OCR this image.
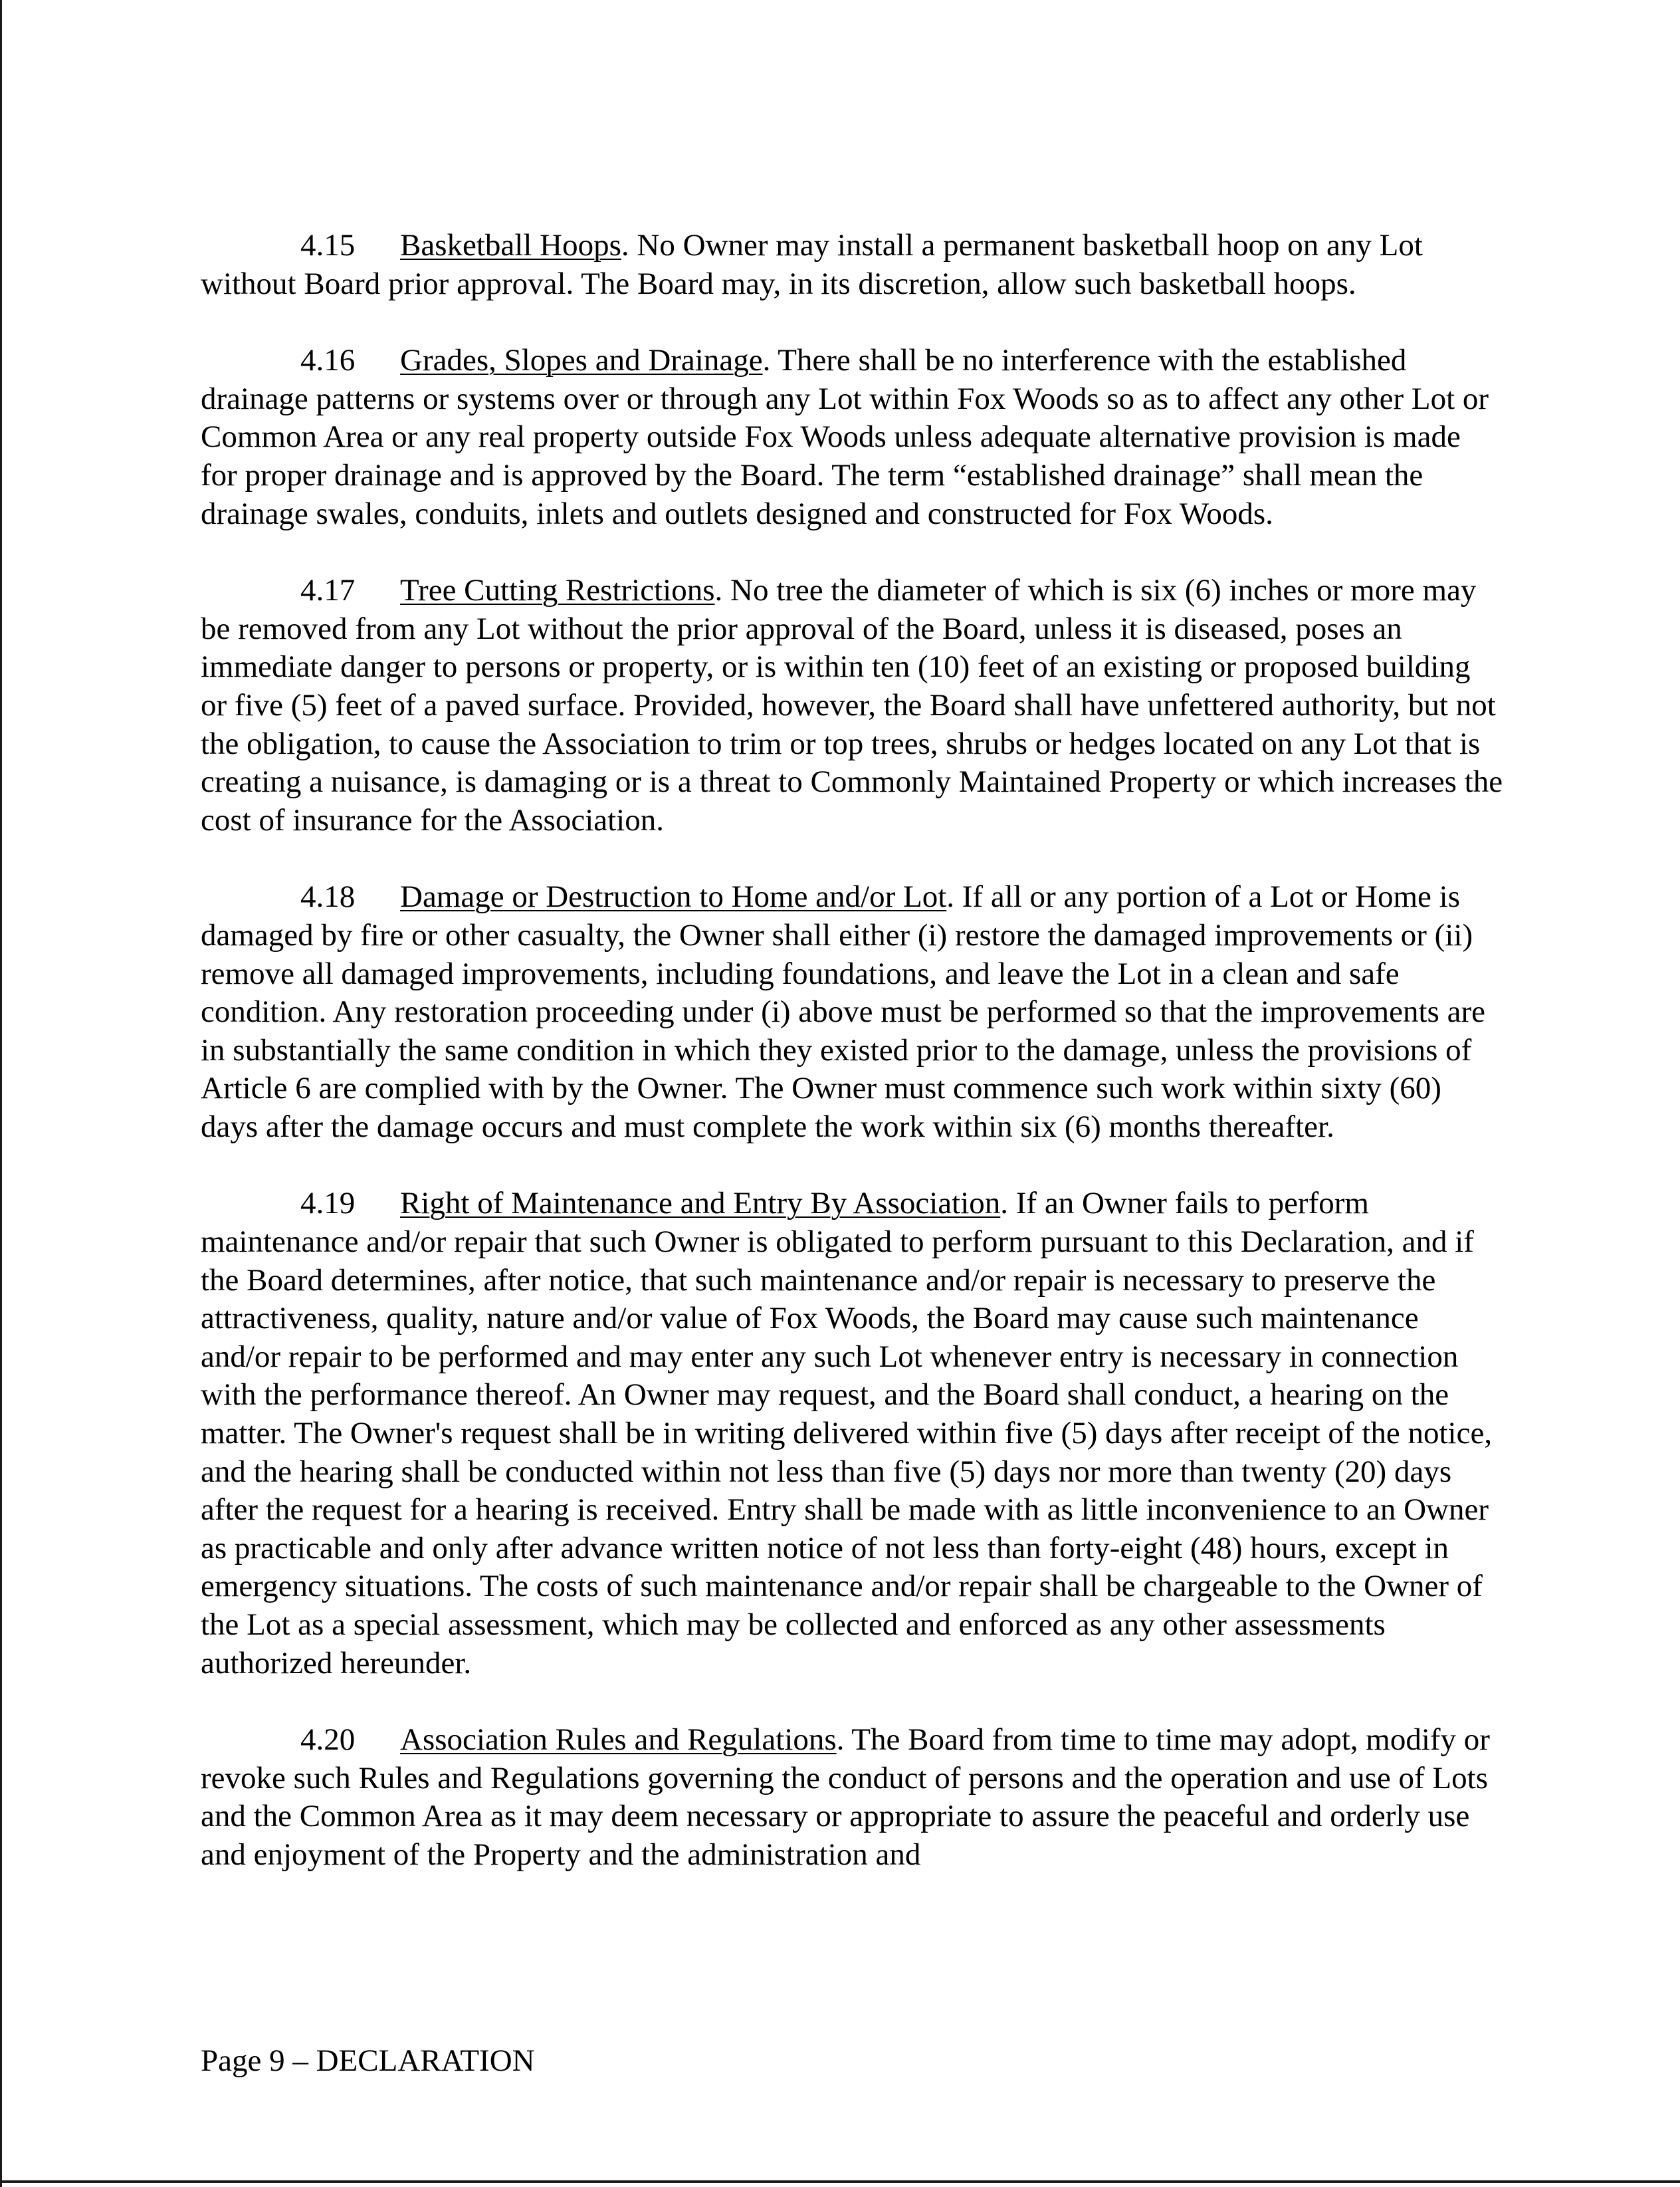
4.15 Basketball Hoops. No Owner may install a permanent basketball hoop on any Lot without Board prior approval. The Board may, in its discretion, allow such basketball hoops.

4.16 Grades, Slopes and Drainage. There shall be no interference with the established drainage patterns or systems over or through any Lot within Fox Woods so as to affect any other Lot or Common Area or any real property outside Fox Woods unless adequate alternative provision is made for proper drainage and is approved by the Board. The term “established drainage” shall mean the drainage swales, conduits, inlets and outlets designed and constructed for Fox Woods.

4.17 Tree Cutting Restrictions. No tree the diameter of which is six (6) inches or more may be removed from any Lot without the prior approval of the Board, unless it is diseased, poses an immediate danger to persons or property, or is within ten (10) feet of an existing or proposed building or five (5) feet of a paved surface. Provided, however, the Board shall have unfettered authority, but not the obligation, to cause the Association to trim or top trees, shrubs or hedges located on any Lot that is creating a nuisance, is damaging or is a threat to Commonly Maintained Property or which increases the cost of insurance for the Association.

4.18 Damage or Destruction to Home and/or Lot. If all or any portion of a Lot or Home is damaged by fire or other casualty, the Owner shall either (i) restore the damaged improvements or (ii) remove all damaged improvements, including foundations, and leave the Lot in a clean and safe condition. Any restoration proceeding under (i) above must be performed so that the improvements are in substantially the same condition in which they existed prior to the damage, unless the provisions of Article 6 are complied with by the Owner. The Owner must commence such work within sixty (60) days after the damage occurs and must complete the work within six (6) months thereafter.

4.19 Right of Maintenance and Entry By Association. If an Owner fails to perform maintenance and/or repair that such Owner is obligated to perform pursuant to this Declaration, and if the Board determines, after notice, that such maintenance and/or repair is necessary to preserve the attractiveness, quality, nature and/or value of Fox Woods, the Board may cause such maintenance and/or repair to be performed and may enter any such Lot whenever entry is necessary in connection with the performance thereof. An Owner may request, and the Board shall conduct, a hearing on the matter. The Owner's request shall be in writing delivered within five (5) days after receipt of the notice, and the hearing shall be conducted within not less than five (5) days nor more than twenty (20) days after the request for a hearing is received. Entry shall be made with as little inconvenience to an Owner as practicable and only after advance written notice of not less than forty-eight (48) hours, except in emergency situations. The costs of such maintenance and/or repair shall be chargeable to the Owner of the Lot as a special assessment, which may be collected and enforced as any other assessments authorized hereunder.

4.20 Association Rules and Regulations. The Board from time to time may adopt, modify or revoke such Rules and Regulations governing the conduct of persons and the operation and use of Lots and the Common Area as it may deem necessary or appropriate to assure the peaceful and orderly use and enjoyment of the Property and the administration and

Page 9 – DECLARATION
